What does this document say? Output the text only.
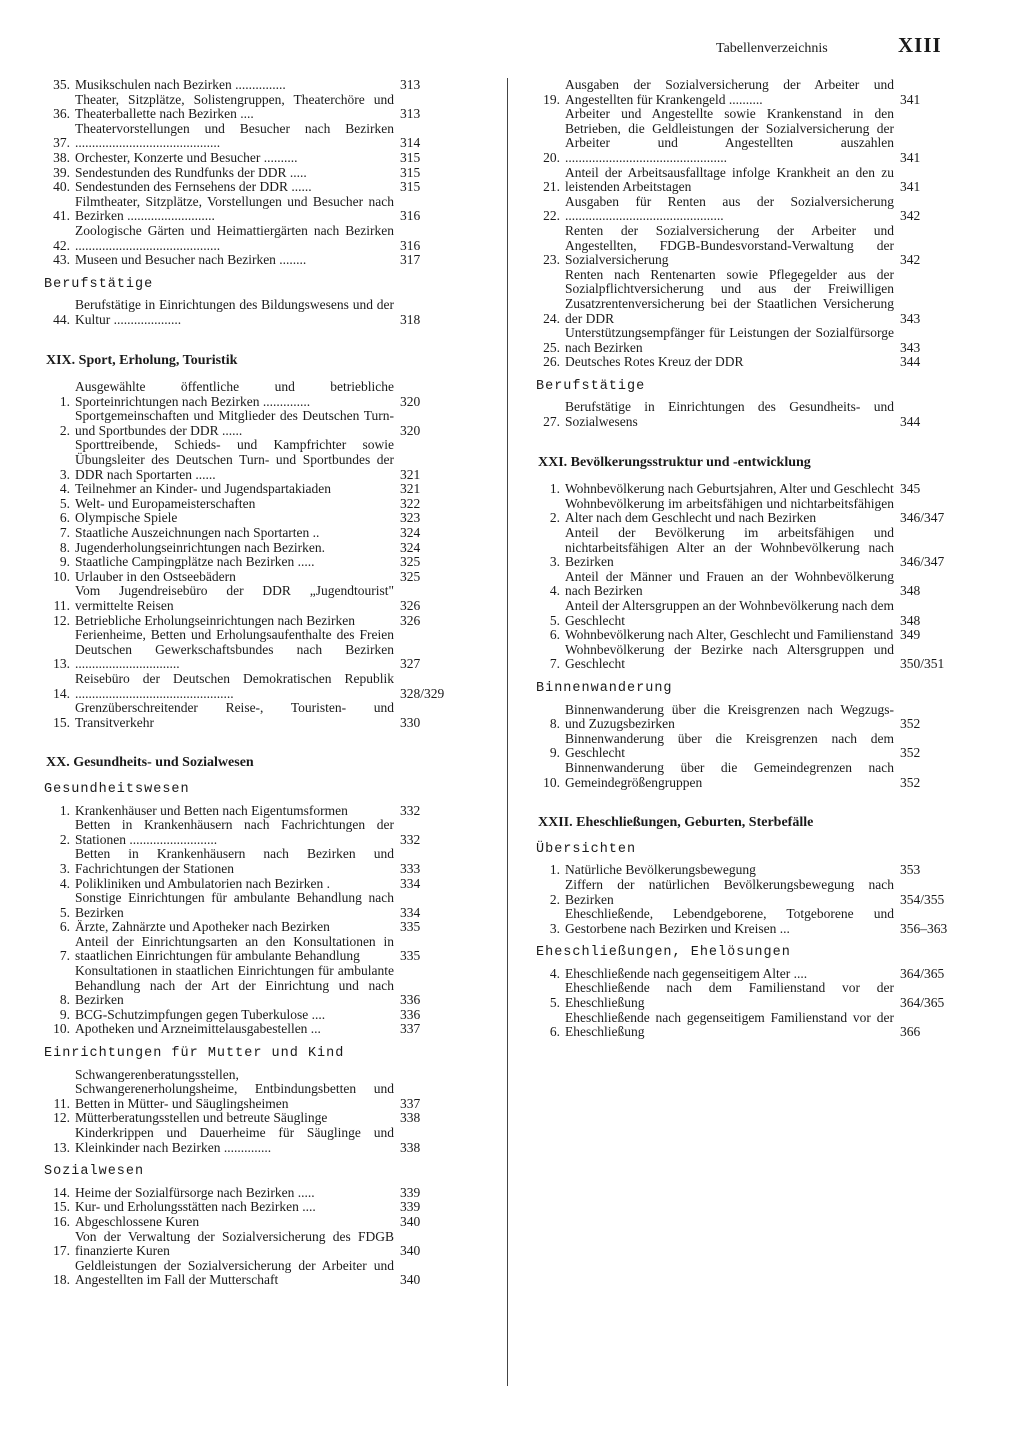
Tabellenverzeichnis	XIII
35. Musikschulen nach Bezirken ...............	313
36.
Theater, Sitzplätze, Solistengruppen, Theaterchöre und Theaterballette nach Bezirken ....	313
37.
Theatervorstellungen und Besucher nach Bezirken ...........................................	314
38. Orchester, Konzerte und Besucher ..........	315
39. Sendestunden des Rundfunks der DDR .....	315
40. Sendestunden des Fernsehens der DDR ......	315
41.
Filmtheater, Sitzplätze, Vorstellungen und Besucher nach Bezirken ..........................	316
42.
Zoologische Gärten und Heimattiergärten nach Bezirken ...........................................	316
43. Museen und Besucher nach Bezirken ........	317
Berufstätige
44.
Berufstätige in Einrichtungen des Bildungswesens und der Kultur ....................	318
XIX. Sport, Erholung, Touristik
1.
Ausgewählte öffentliche und betriebliche Sporteinrichtungen nach Bezirken ..............	320
2.
Sportgemeinschaften und Mitglieder des Deutschen Turn- und Sportbundes der DDR ......	320
3.
Sporttreibende, Schieds- und Kampfrichter sowie Übungsleiter des Deutschen Turn- und Sportbundes der DDR nach Sportarten ......	321
4. Teilnehmer an Kinder- und Jugendspartakiaden	321
5. Welt- und Europameisterschaften	322
6. Olympische Spiele	323
7. Staatliche Auszeichnungen nach Sportarten ..	324
8. Jugenderholungseinrichtungen nach Bezirken.	324
9. Staatliche Campingplätze nach Bezirken .....	325
10. Urlauber in den Ostseebädern	325
11.
Vom Jugendreisebüro der DDR „Jugendtourist" vermittelte Reisen	326
12. Betriebliche Erholungseinrichtungen nach Bezirken	326
13.
Ferienheime, Betten und Erholungsaufenthalte des Freien Deutschen Gewerkschaftsbundes nach Bezirken ...............................	327
14.
Reisebüro der Deutschen Demokratischen Republik ...............................................	328/329
15.
Grenzüberschreitender Reise-, Touristen- und Transitverkehr	330
XX. Gesundheits- und Sozialwesen
Gesundheitswesen
1. Krankenhäuser und Betten nach Eigentumsformen	332
2.
Betten in Krankenhäusern nach Fachrichtungen der Stationen ..........................	332
3.
Betten in Krankenhäusern nach Bezirken und Fachrichtungen der Stationen	333
4. Polikliniken und Ambulatorien nach Bezirken .	334
5.
Sonstige Einrichtungen für ambulante Behandlung nach Bezirken	334
6. Ärzte, Zahnärzte und Apotheker nach Bezirken	335
7.
Anteil der Einrichtungsarten an den Konsultationen in staatlichen Einrichtungen für ambulante Behandlung	335
8.
Konsultationen in staatlichen Einrichtungen für ambulante Behandlung nach der Art der Einrichtung und nach Bezirken	336
9. BCG-Schutzimpfungen gegen Tuberkulose ....	336
10. Apotheken und Arzneimittelausgabestellen ...	337
Einrichtungen für Mutter und Kind
11.
Schwangerenberatungsstellen, Schwangerenerholungsheime, Entbindungsbetten und Betten in Mütter- und Säuglingsheimen	337
12. Mütterberatungsstellen und betreute Säuglinge	338
13.
Kinderkrippen und Dauerheime für Säuglinge und Kleinkinder nach Bezirken ..............	338
Sozialwesen
14. Heime der Sozialfürsorge nach Bezirken .....	339
15. Kur- und Erholungsstätten nach Bezirken ....	339
16. Abgeschlossene Kuren	340
17.
Von der Verwaltung der Sozialversicherung des FDGB finanzierte Kuren	340
18.
Geldleistungen der Sozialversicherung der Arbeiter und Angestellten im Fall der Mutterschaft	340
19.
Ausgaben der Sozialversicherung der Arbeiter und Angestellten für Krankengeld ..........	341
20.
Arbeiter und Angestellte sowie Krankenstand in den Betrieben, die Geldleistungen der Sozialversicherung der Arbeiter und Angestellten auszahlen ................................................	341
21.
Anteil der Arbeitsausfalltage infolge Krankheit an den zu leistenden Arbeitstagen	341
22.
Ausgaben für Renten aus der Sozialversicherung ...............................................	342
23.
Renten der Sozialversicherung der Arbeiter und Angestellten, FDGB-Bundesvorstand-Verwaltung der Sozialversicherung	342
24.
Renten nach Rentenarten sowie Pflegegelder aus der Sozialpflichtversicherung und aus der Freiwilligen Zusatzrentenversicherung bei der Staatlichen Versicherung der DDR	343
25.
Unterstützungsempfänger für Leistungen der Sozialfürsorge nach Bezirken	343
26. Deutsches Rotes Kreuz der DDR	344
Berufstätige
27.
Berufstätige in Einrichtungen des Gesundheits- und Sozialwesens	344
XXI. Bevölkerungsstruktur und -entwicklung
1. Wohnbevölkerung nach Geburtsjahren, Alter und Geschlecht 345
2.
Wohnbevölkerung im arbeitsfähigen und nichtarbeitsfähigen Alter nach dem Geschlecht und nach Bezirken	346/347
3.
Anteil der Bevölkerung im arbeitsfähigen und nichtarbeitsfähigen Alter an der Wohnbevölkerung nach Bezirken	346/347
4.
Anteil der Männer und Frauen an der Wohnbevölkerung nach Bezirken	348
5.
Anteil der Altersgruppen an der Wohnbevölkerung nach dem Geschlecht	348
6. Wohnbevölkerung nach Alter, Geschlecht und Familienstand 349
7.
Wohnbevölkerung der Bezirke nach Altersgruppen und Geschlecht	350/351
Binnenwanderung
8.
Binnenwanderung über die Kreisgrenzen nach Wegzugs- und Zuzugsbezirken	352
9.
Binnenwanderung über die Kreisgrenzen nach dem Geschlecht	352
10.
Binnenwanderung über die Gemeindegrenzen nach Gemeindegrößengruppen	352
XXII. Eheschließungen, Geburten, Sterbefälle
Übersichten
1. Natürliche Bevölkerungsbewegung	353
2.
Ziffern der natürlichen Bevölkerungsbewegung nach Bezirken	354/355
3.
Eheschließende, Lebendgeborene, Totgeborene und Gestorbene nach Bezirken und Kreisen ...	356–363
Eheschließungen, Ehelösungen
4. Eheschließende nach gegenseitigem Alter ....	364/365
5.
Eheschließende nach dem Familienstand vor der Eheschließung	364/365
6.
Eheschließende nach gegenseitigem Familienstand vor der Eheschließung	366
